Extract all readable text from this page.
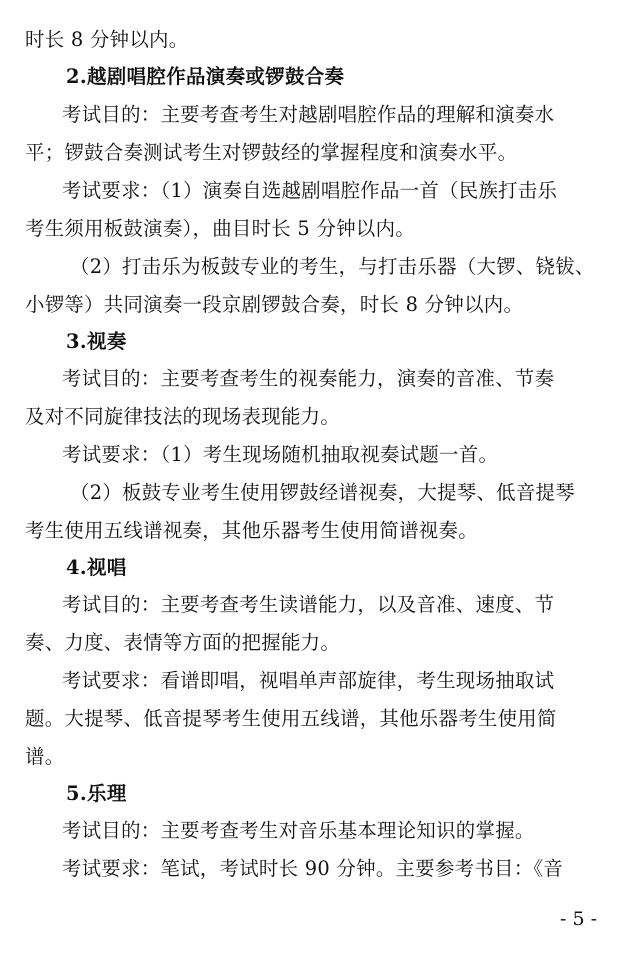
时长 8 分钟以内。
2.越剧唱腔作品演奏或锣鼓合奏
考试目的：主要考查考生对越剧唱腔作品的理解和演奏水
平；锣鼓合奏测试考生对锣鼓经的掌握程度和演奏水平。
考试要求：（1）演奏自选越剧唱腔作品一首（民族打击乐
考生须用板鼓演奏），曲目时长 5 分钟以内。
（2）打击乐为板鼓专业的考生，与打击乐器（大锣、铙钹、
小锣等）共同演奏一段京剧锣鼓合奏，时长 8 分钟以内。
3.视奏
考试目的：主要考查考生的视奏能力，演奏的音准、节奏
及对不同旋律技法的现场表现能力。
考试要求：（1）考生现场随机抽取视奏试题一首。
（2）板鼓专业考生使用锣鼓经谱视奏，大提琴、低音提琴
考生使用五线谱视奏，其他乐器考生使用简谱视奏。
4.视唱
考试目的：主要考查考生读谱能力，以及音准、速度、节
奏、力度、表情等方面的把握能力。
考试要求：看谱即唱，视唱单声部旋律，考生现场抽取试
题。大提琴、低音提琴考生使用五线谱，其他乐器考生使用简
谱。
5.乐理
考试目的：主要考查考生对音乐基本理论知识的掌握。
考试要求：笔试，考试时长 90 分钟。主要参考书目：《音
- 5 -
